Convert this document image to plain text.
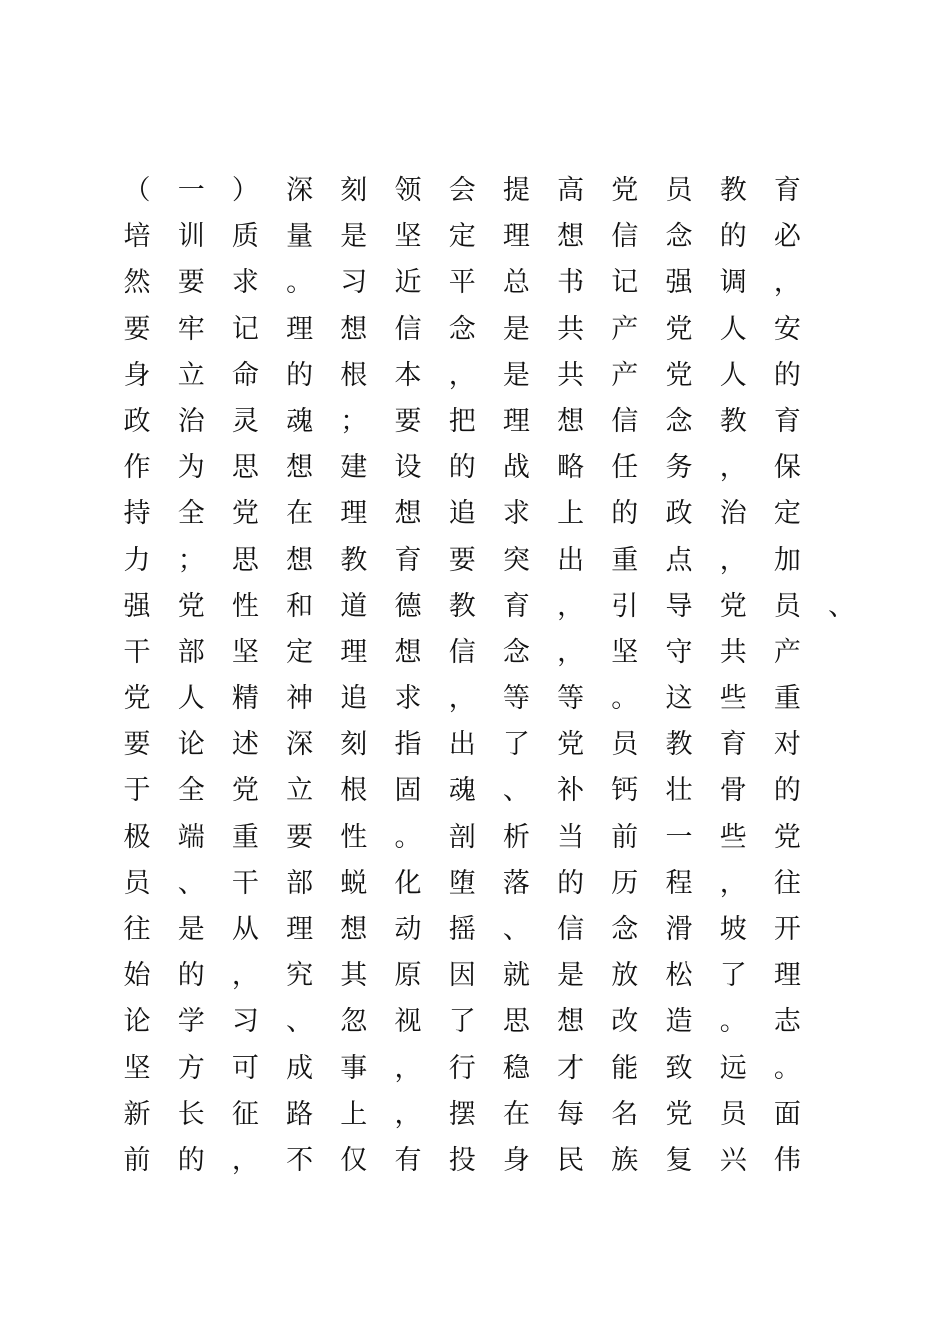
（	一	）	深	刻	领	会	提	高	党	员	教	育
培	训	质	量	是	坚	定	理	想	信	念	的	必
然	要	求	。	习	近	平	总	书	记	强	调	，
要	牢	记	理	想	信	念	是	共	产	党	人	安
身	立	命	的	根	本	，	是	共	产	党	人	的
政	治	灵	魂	；	要	把	理	想	信	念	教	育
作	为	思	想	建	设	的	战	略	任	务	，	保
持	全	党	在	理	想	追	求	上	的	政	治	定
力	；	思	想	教	育	要	突	出	重	点	，	加
强	党	性	和	道	德	教	育	，	引	导	党	员	、
干	部	坚	定	理	想	信	念	，	坚	守	共	产
党	人	精	神	追	求	，	等	等	。	这	些	重
要	论	述	深	刻	指	出	了	党	员	教	育	对
于	全	党	立	根	固	魂	、	补	钙	壮	骨	的
极	端	重	要	性	。	剖	析	当	前	一	些	党
员	、	干	部	蜕	化	堕	落	的	历	程	，	往
往	是	从	理	想	动	摇	、	信	念	滑	坡	开
始	的	，	究	其	原	因	就	是	放	松	了	理
论	学	习	、	忽	视	了	思	想	改	造	。	志
坚	方	可	成	事	，	行	稳	才	能	致	远	。
新	长	征	路	上	，	摆	在	每	名	党	员	面
前	的	，	不	仅	有	投	身	民	族	复	兴	伟
